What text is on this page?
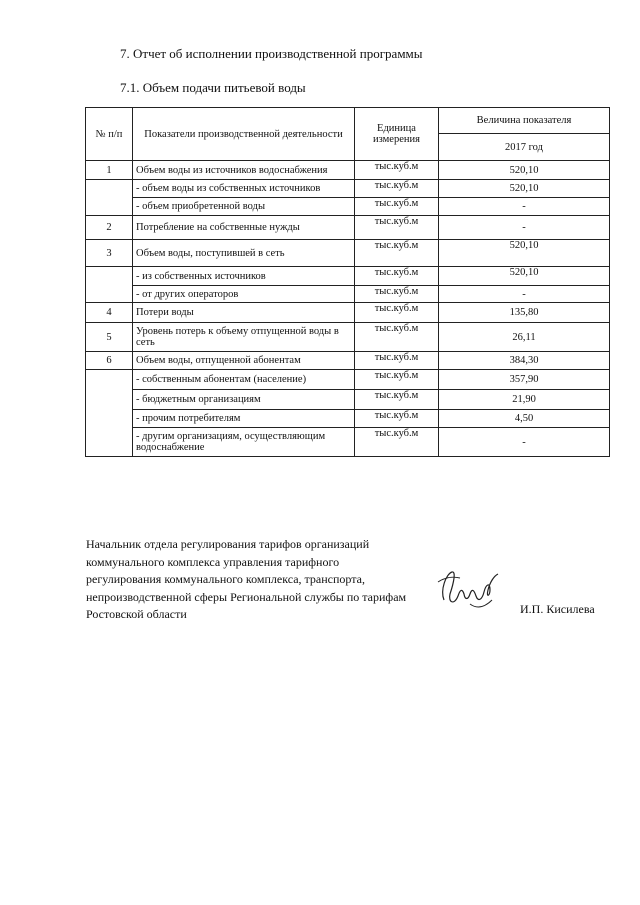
7. Отчет об исполнении производственной программы
7.1. Объем подачи питьевой воды
№ п/п	Показатели производственной деятельности	Единица измерения	Величина показателя
			2017 год
1	Объем воды из источников водоснабжения	тыс.куб.м	520,10
	- объем воды из собственных источников	тыс.куб.м	520,10
	- объем приобретенной воды	тыс.куб.м	-
2	Потребление на собственные нужды	тыс.куб.м	-
3	Объем воды, поступившей в сеть	тыс.куб.м	520,10
	- из собственных источников	тыс.куб.м	520,10
	- от других операторов	тыс.куб.м	-
4	Потери воды	тыс.куб.м	135,80
5	Уровень потерь к объему отпущенной воды в сеть	тыс.куб.м	26,11
6	Объем воды, отпущенной абонентам	тыс.куб.м	384,30
	- собственным абонентам (население)	тыс.куб.м	357,90
	- бюджетным организациям	тыс.куб.м	21,90
	- прочим потребителям	тыс.куб.м	4,50
	- другим организациям, осуществляющим водоснабжение	тыс.куб.м	-
Начальник отдела регулирования тарифов организаций коммунального комплекса управления тарифного регулирования коммунального комплекса, транспорта, непроизводственной сферы Региональной службы по тарифам Ростовской области	И.П. Кисилева
